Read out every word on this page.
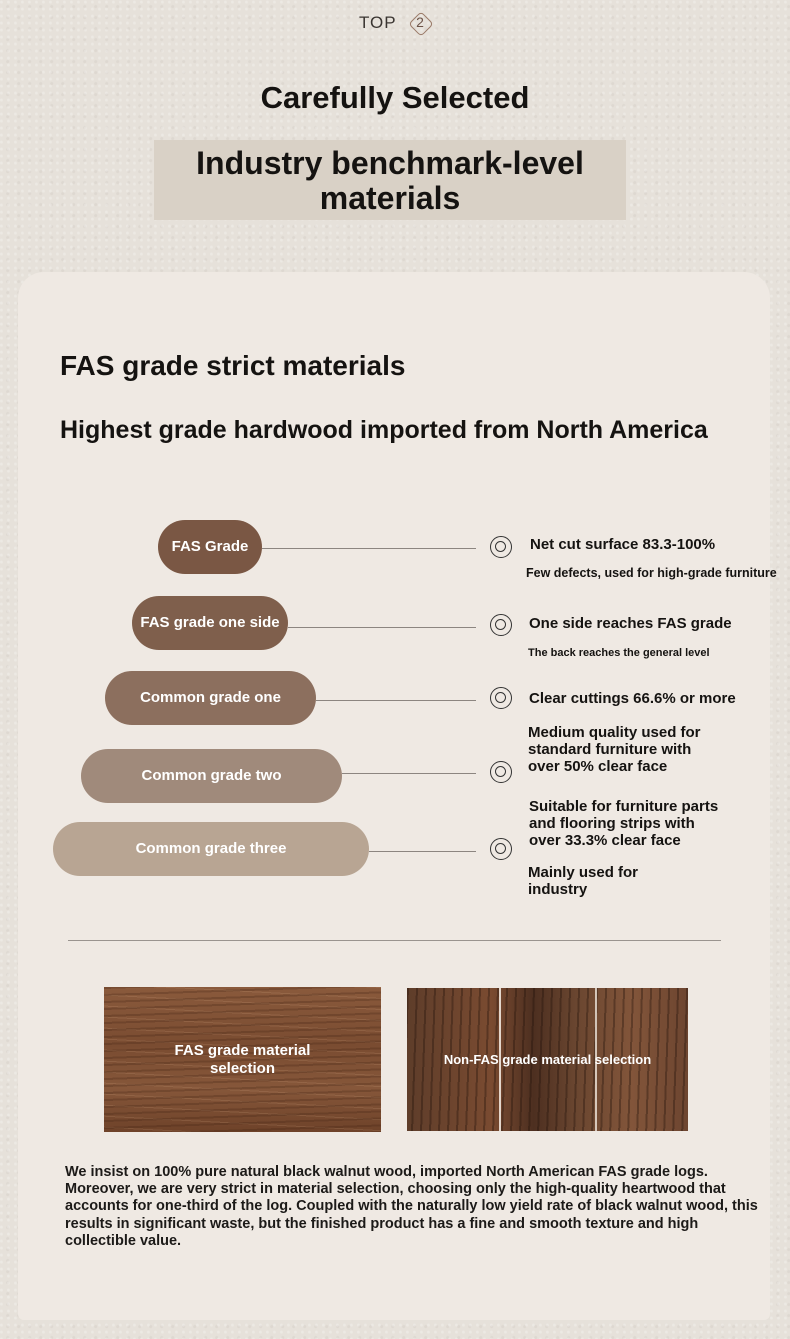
TOP	2
Carefully Selected
Industry benchmark-level materials
FAS grade strict materials
Highest grade hardwood imported from North America
FAS Grade
FAS grade one side
Common grade one
Common grade two
Common grade three
Net cut surface 83.3-100%
Few defects, used for high-grade furniture
One side reaches FAS grade
The back reaches the general level
Clear cuttings 66.6% or more
Medium quality used for standard furniture with over 50% clear face
Suitable for furniture parts and flooring strips with over 33.3% clear face
Mainly used for industry
FAS grade material selection	Non-FAS grade material selection
We insist on 100% pure natural black walnut wood, imported North American FAS grade logs. Moreover, we are very strict in material selection, choosing only the high-quality heartwood that accounts for one-third of the log. Coupled with the naturally low yield rate of black walnut wood, this results in significant waste, but the finished product has a fine and smooth texture and high collectible value.
